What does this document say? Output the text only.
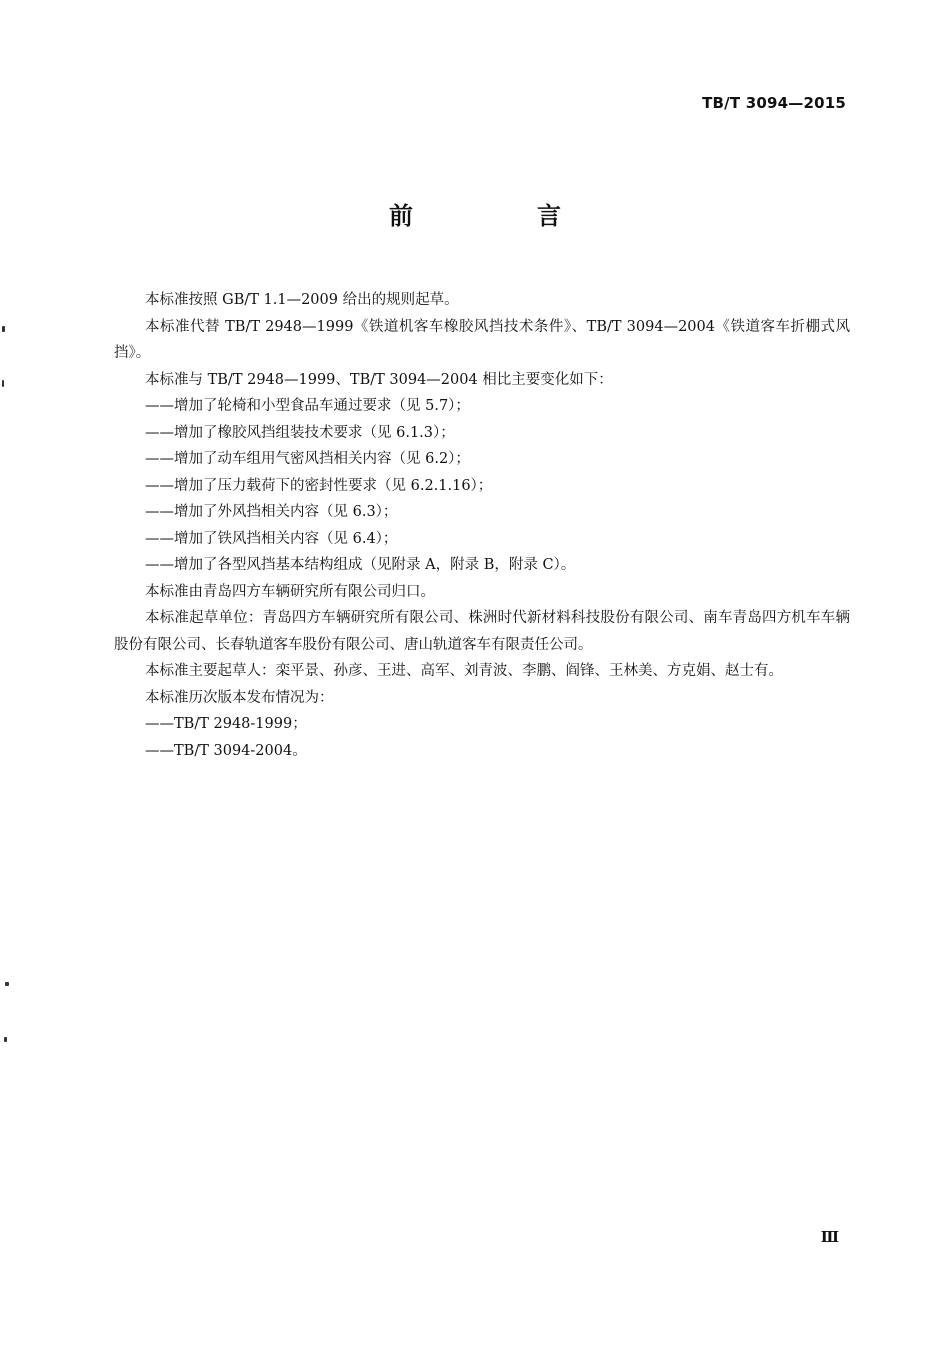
TB/T 3094—2015
前　言

本标准按照 GB/T 1.1—2009 给出的规则起草。

本标准代替 TB/T 2948—1999《铁道机客车橡胶风挡技术条件》、TB/T 3094—2004《铁道客车折棚式风挡》。

本标准与 TB/T 2948—1999、TB/T 3094—2004 相比主要变化如下：

——增加了轮椅和小型食品车通过要求（见 5.7）；

——增加了橡胶风挡组装技术要求（见 6.1.3）；

——增加了动车组用气密风挡相关内容（见 6.2）；

——增加了压力载荷下的密封性要求（见 6.2.1.16）；

——增加了外风挡相关内容（见 6.3）；

——增加了铁风挡相关内容（见 6.4）；

——增加了各型风挡基本结构组成（见附录 A，附录 B，附录 C）。

本标准由青岛四方车辆研究所有限公司归口。

本标准起草单位：青岛四方车辆研究所有限公司、株洲时代新材料科技股份有限公司、南车青岛四方机车车辆股份有限公司、长春轨道客车股份有限公司、唐山轨道客车有限责任公司。

本标准主要起草人：栾平景、孙彦、王进、高军、刘青波、李鹏、阎锋、王林美、方克娟、赵士有。

本标准历次版本发布情况为：

——TB/T 2948-1999；

——TB/T 3094-2004。

Ⅲ
